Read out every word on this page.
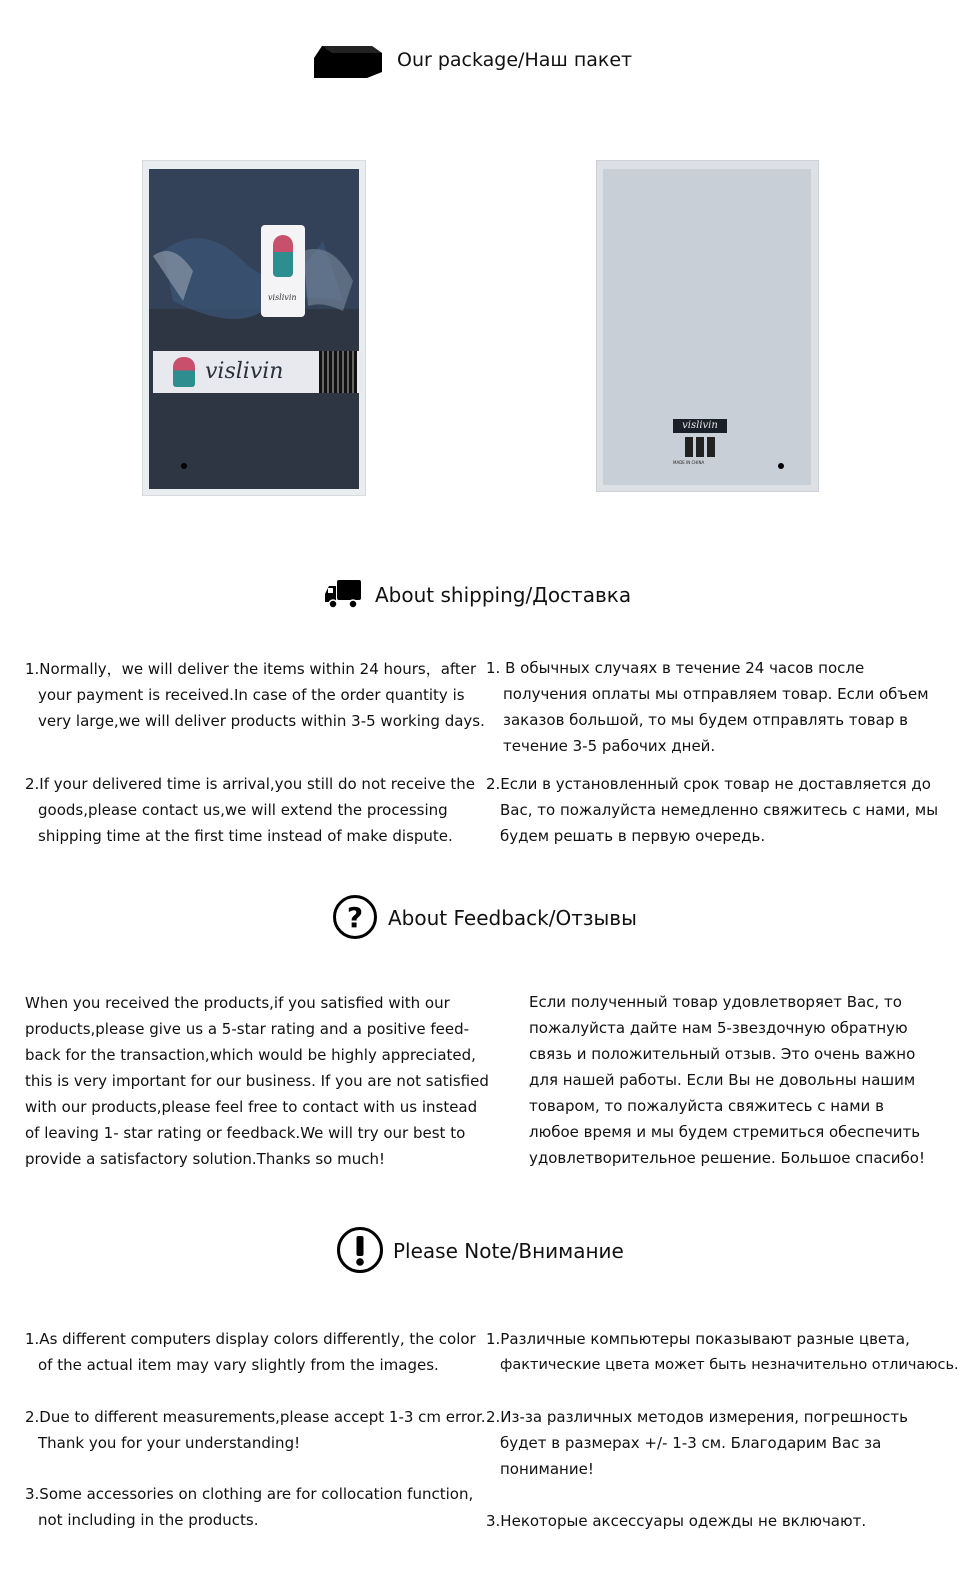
Our package/Наш пакет
vislivin
vislivin
vislivin
MADE IN CHINA
About shipping/Доставка
1.Normally，we will deliver the items within 24 hours，after
your payment is received.In case of the order quantity is
very large,we will deliver products within 3-5 working days.
2.If your delivered time is arrival,you still do not receive the
goods,please contact us,we will extend the processing
shipping time at the first time instead of make dispute.
1. В обычных случаях в течение 24 часов после
получения оплаты мы отправляем товар. Если объем
заказов большой, то мы будем отправлять товар в
течение 3-5 рабочих дней.
2.Если в установленный срок товар не доставляется до
Вас, то пожалуйста немедленно свяжитесь с нами, мы
будем решать в первую очередь.
? About Feedback/Отзывы
When you received the products,if you satisfied with our
products,please give us a 5-star rating and a positive feed-
back for the transaction,which would be highly appreciated,
this is very important for our business. If you are not satisfied
with our products,please feel free to contact with us instead
of leaving 1- star rating or feedback.We will try our best to
provide a satisfactory solution.Thanks so much!
Если полученный товар удовлетворяет Вас, то
пожалуйста дайте нам 5-звездочную обратную
связь и положительный отзыв. Это очень важно
для нашей работы. Если Вы не довольны нашим
товаром, то пожалуйста свяжитесь с нами в
любое время и мы будем стремиться обеспечить
удовлетворительное решение. Большое спасибо!
Please Note/Внимание
1.As different computers display colors differently, the color
of the actual item may vary slightly from the images.
2.Due to different measurements,please accept 1-3 cm error.
Thank you for your understanding!
3.Some accessories on clothing are for collocation function,
not including in the products.
1.Различные компьютеры показывают разные цвета,
фактические цвета может быть незначительно отличаюсь.
2.Из-за различных методов измерения, погрешность
будет в размерах +/- 1-3 см. Благодарим Вас за
понимание!
3.Некоторые аксессуары одежды не включают.
